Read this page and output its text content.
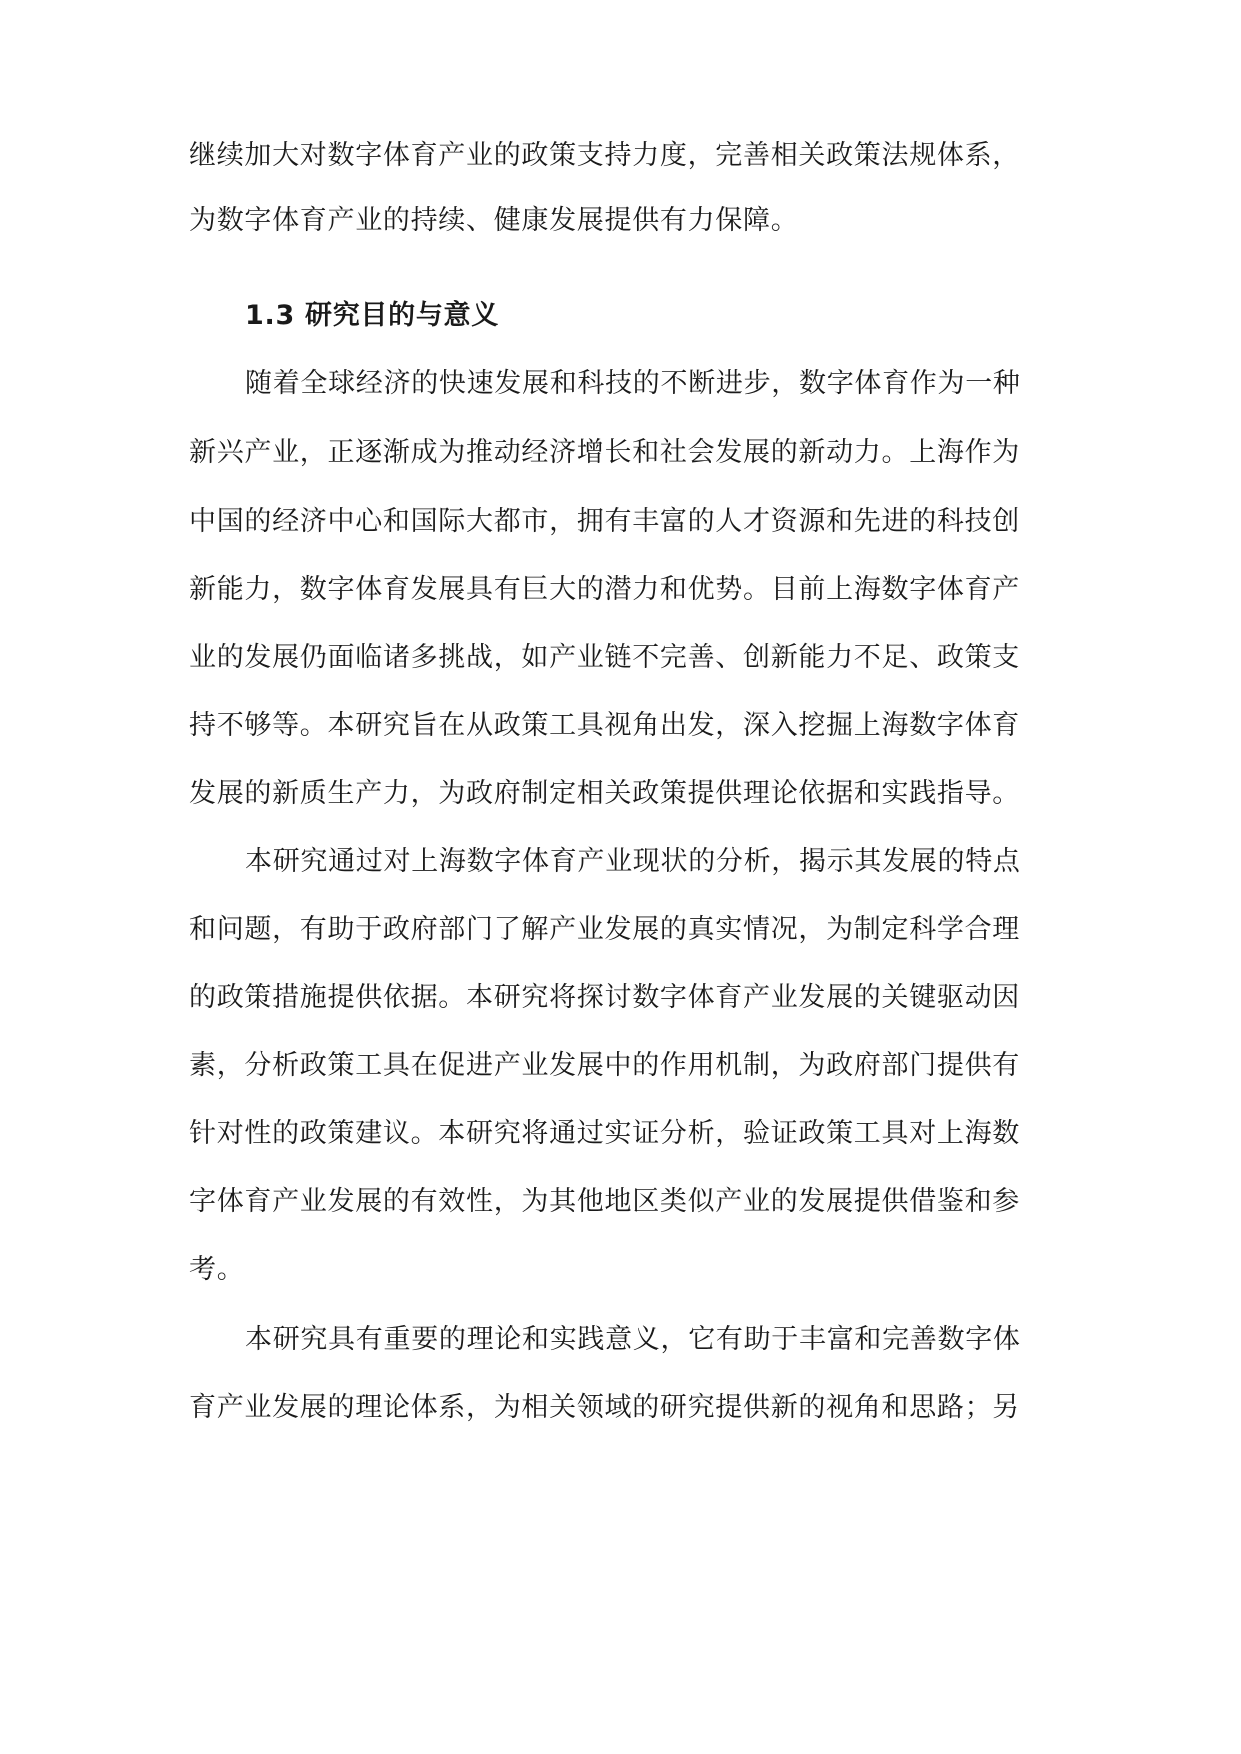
继续加大对数字体育产业的政策支持力度，完善相关政策法规体系，
为数字体育产业的持续、健康发展提供有力保障。
1.3 研究目的与意义
随着全球经济的快速发展和科技的不断进步，数字体育作为一种
新兴产业，正逐渐成为推动经济增长和社会发展的新动力。上海作为
中国的经济中心和国际大都市，拥有丰富的人才资源和先进的科技创
新能力，数字体育发展具有巨大的潜力和优势。目前上海数字体育产
业的发展仍面临诸多挑战，如产业链不完善、创新能力不足、政策支
持不够等。本研究旨在从政策工具视角出发，深入挖掘上海数字体育
发展的新质生产力，为政府制定相关政策提供理论依据和实践指导。
本研究通过对上海数字体育产业现状的分析，揭示其发展的特点
和问题，有助于政府部门了解产业发展的真实情况，为制定科学合理
的政策措施提供依据。本研究将探讨数字体育产业发展的关键驱动因
素，分析政策工具在促进产业发展中的作用机制，为政府部门提供有
针对性的政策建议。本研究将通过实证分析，验证政策工具对上海数
字体育产业发展的有效性，为其他地区类似产业的发展提供借鉴和参
考。
本研究具有重要的理论和实践意义，它有助于丰富和完善数字体
育产业发展的理论体系，为相关领域的研究提供新的视角和思路；另
